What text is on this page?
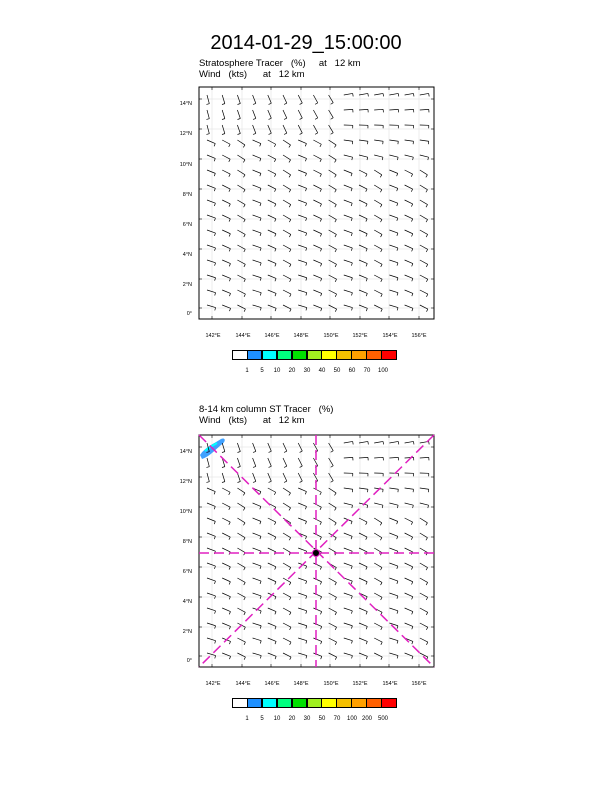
2014-01-29_15:00:00
Stratosphere Tracer   (%)     at   12 km
Wind   (kts)      at   12 km
8-14 km column ST Tracer   (%)
Wind   (kts)      at   12 km
14°N
12°N
10°N
8°N
6°N
4°N
2°N
0°
142°E	144°E	146°E	148°E	150°E	152°E	154°E	156°E
1	5	10	20	30	40	50	60	70	100
14°N
12°N
10°N
8°N
6°N
4°N
2°N
0°
142°E	144°E	146°E	148°E	150°E	152°E	154°E	156°E
1	5	10	20	30	50	70	100 200 500
